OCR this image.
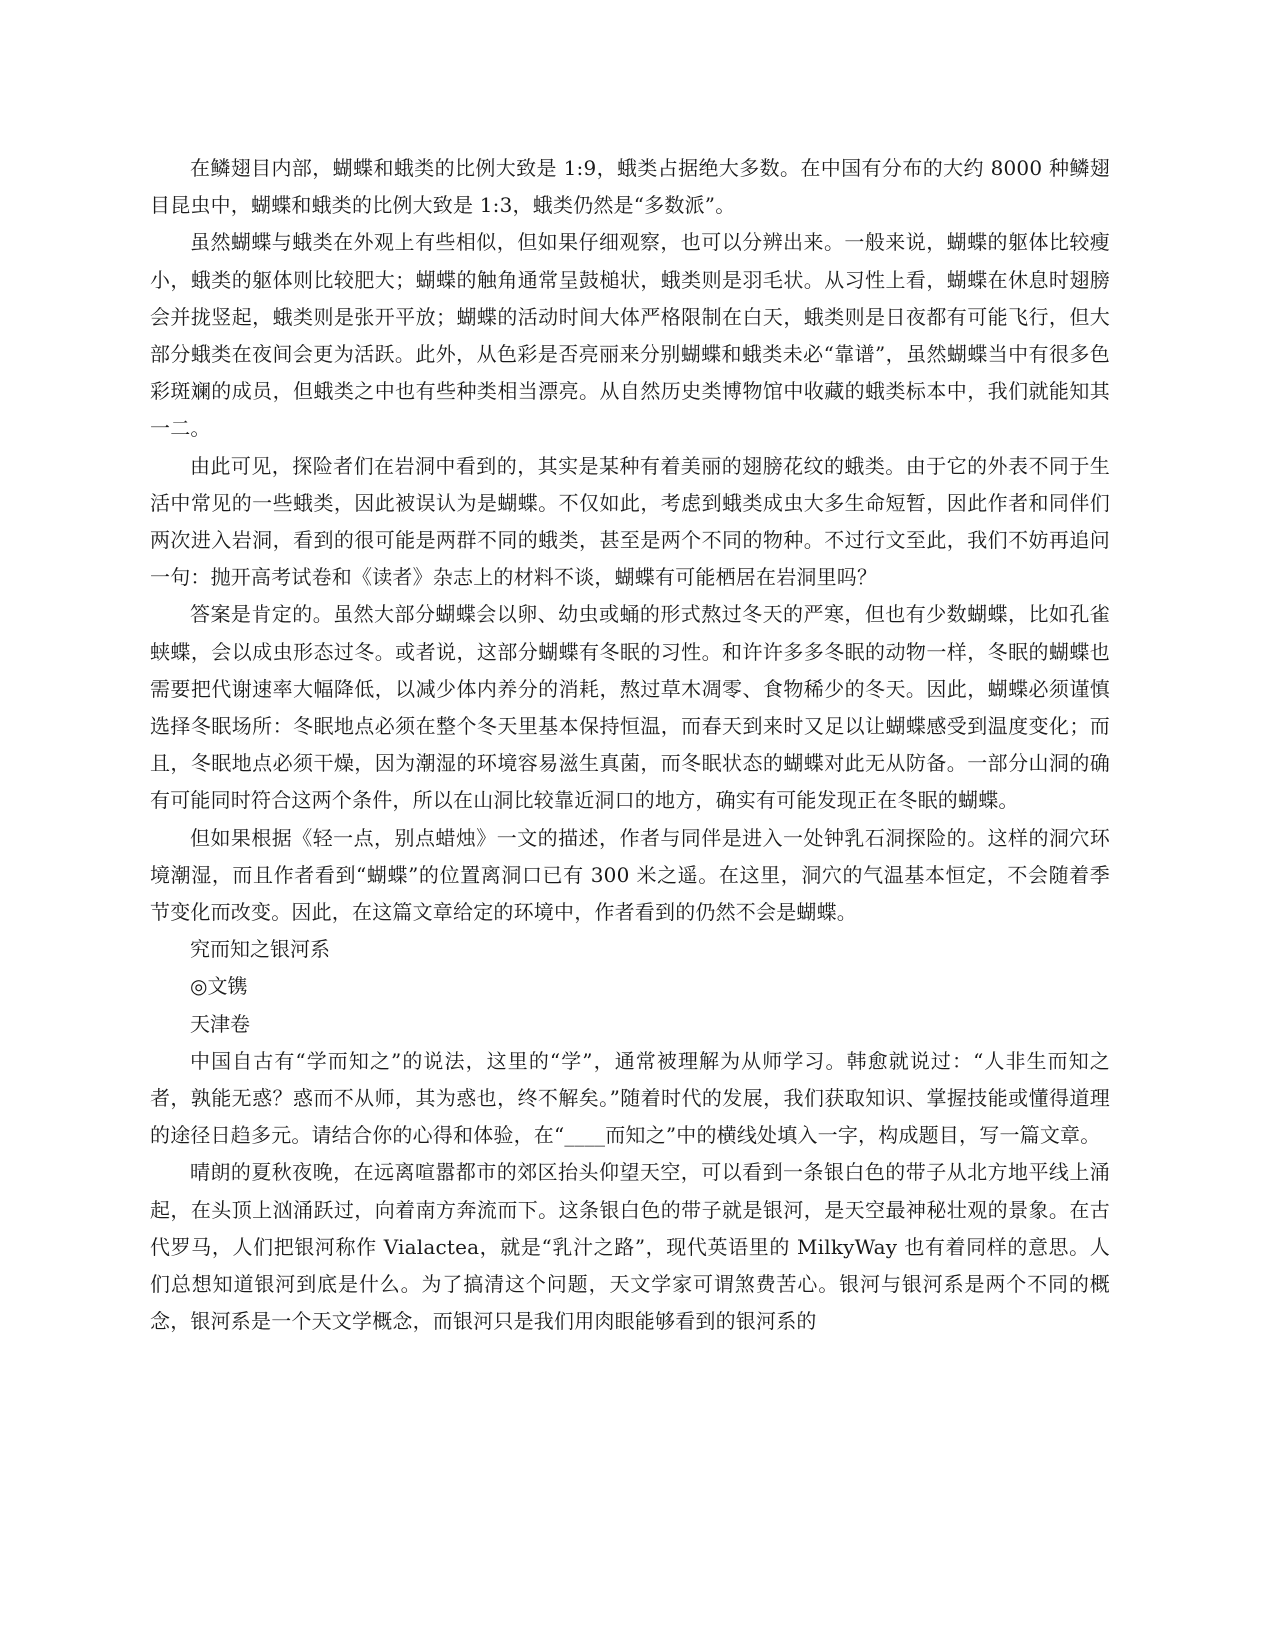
在鳞翅目内部，蝴蝶和蛾类的比例大致是 1:9，蛾类占据绝大多数。在中国有分布的大约 8000 种鳞翅目昆虫中，蝴蝶和蛾类的比例大致是 1:3，蛾类仍然是“多数派”。

虽然蝴蝶与蛾类在外观上有些相似，但如果仔细观察，也可以分辨出来。一般来说，蝴蝶的躯体比较瘦小，蛾类的躯体则比较肥大；蝴蝶的触角通常呈鼓槌状，蛾类则是羽毛状。从习性上看，蝴蝶在休息时翅膀会并拢竖起，蛾类则是张开平放；蝴蝶的活动时间大体严格限制在白天，蛾类则是日夜都有可能飞行，但大部分蛾类在夜间会更为活跃。此外，从色彩是否亮丽来分别蝴蝶和蛾类未必“靠谱”，虽然蝴蝶当中有很多色彩斑斓的成员，但蛾类之中也有些种类相当漂亮。从自然历史类博物馆中收藏的蛾类标本中，我们就能知其一二。

由此可见，探险者们在岩洞中看到的，其实是某种有着美丽的翅膀花纹的蛾类。由于它的外表不同于生活中常见的一些蛾类，因此被误认为是蝴蝶。不仅如此，考虑到蛾类成虫大多生命短暂，因此作者和同伴们两次进入岩洞，看到的很可能是两群不同的蛾类，甚至是两个不同的物种。不过行文至此，我们不妨再追问一句：抛开高考试卷和《读者》杂志上的材料不谈，蝴蝶有可能栖居在岩洞里吗？

答案是肯定的。虽然大部分蝴蝶会以卵、幼虫或蛹的形式熬过冬天的严寒，但也有少数蝴蝶，比如孔雀蛱蝶，会以成虫形态过冬。或者说，这部分蝴蝶有冬眠的习性。和许许多多冬眠的动物一样，冬眠的蝴蝶也需要把代谢速率大幅降低，以减少体内养分的消耗，熬过草木凋零、食物稀少的冬天。因此，蝴蝶必须谨慎选择冬眠场所：冬眠地点必须在整个冬天里基本保持恒温，而春天到来时又足以让蝴蝶感受到温度变化；而且，冬眠地点必须干燥，因为潮湿的环境容易滋生真菌，而冬眠状态的蝴蝶对此无从防备。一部分山洞的确有可能同时符合这两个条件，所以在山洞比较靠近洞口的地方，确实有可能发现正在冬眠的蝴蝶。

但如果根据《轻一点，别点蜡烛》一文的描述，作者与同伴是进入一处钟乳石洞探险的。这样的洞穴环境潮湿，而且作者看到“蝴蝶”的位置离洞口已有 300 米之遥。在这里，洞穴的气温基本恒定，不会随着季节变化而改变。因此，在这篇文章给定的环境中，作者看到的仍然不会是蝴蝶。

究而知之银河系

◎文镌

天津卷

中国自古有“学而知之”的说法，这里的“学”，通常被理解为从师学习。韩愈就说过：“人非生而知之者，孰能无惑？惑而不从师，其为惑也，终不解矣。”随着时代的发展，我们获取知识、掌握技能或懂得道理的途径日趋多元。请结合你的心得和体验，在“____而知之”中的横线处填入一字，构成题目，写一篇文章。

晴朗的夏秋夜晚，在远离喧嚣都市的郊区抬头仰望天空，可以看到一条银白色的带子从北方地平线上涌起，在头顶上汹涌跃过，向着南方奔流而下。这条银白色的带子就是银河，是天空最神秘壮观的景象。在古代罗马，人们把银河称作 Vialactea，就是“乳汁之路”，现代英语里的 MilkyWay 也有着同样的意思。人们总想知道银河到底是什么。为了搞清这个问题，天文学家可谓煞费苦心。银河与银河系是两个不同的概念，银河系是一个天文学概念，而银河只是我们用肉眼能够看到的银河系的
